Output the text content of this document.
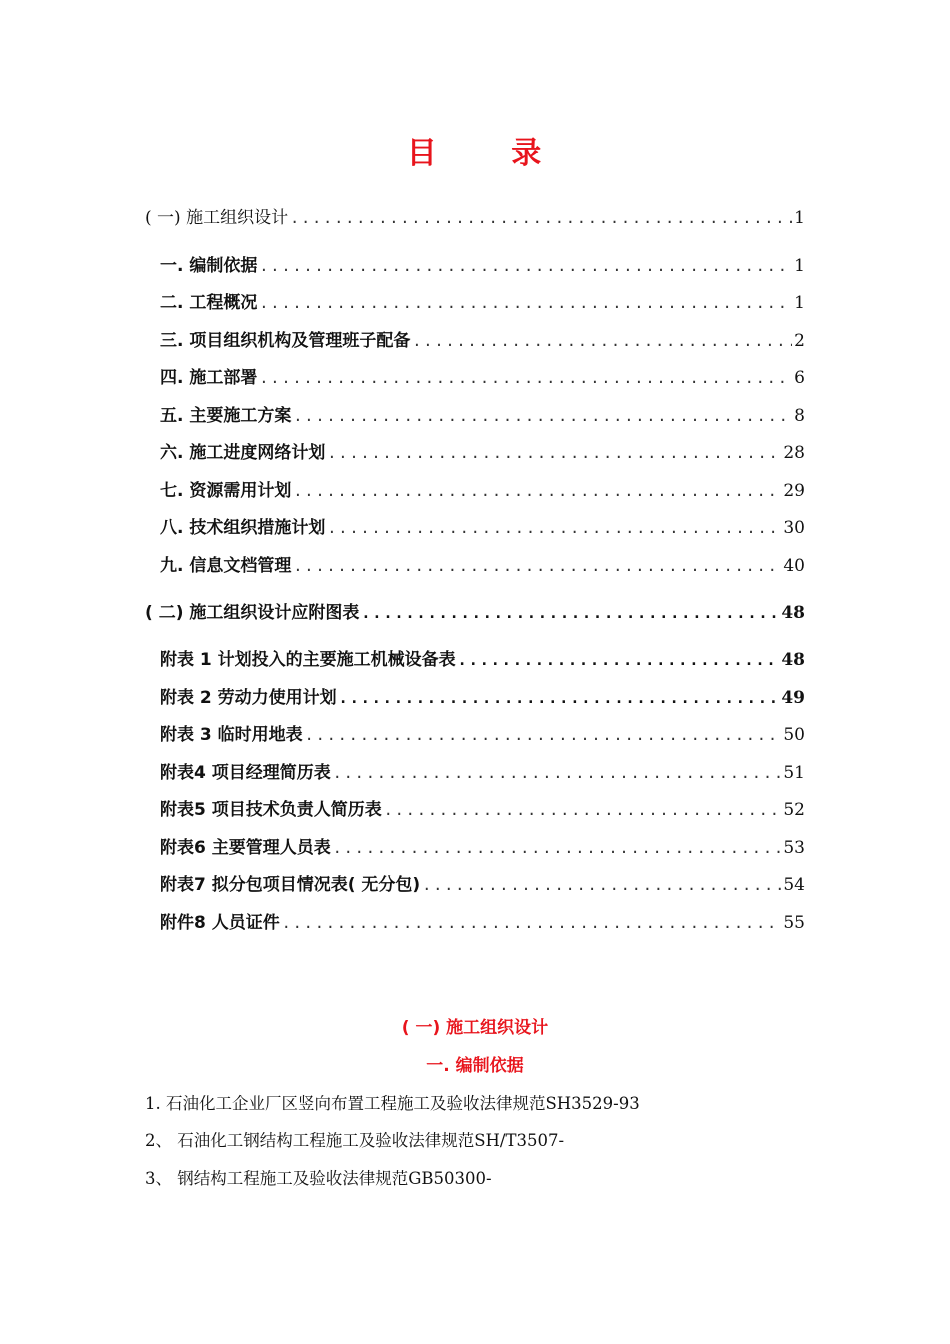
目 录
( 一) 施工组织设计 .....	1
一. 编制依据 .....	1
二. 工程概况 .....	1
三. 项目组织机构及管理班子配备 .....	2
四. 施工部署 .....	6
五. 主要施工方案 .....	8
六. 施工进度网络计划 .....	28
七. 资源需用计划 .....	29
八. 技术组织措施计划 .....	30
九. 信息文档管理 .....	40
( 二) 施工组织设计应附图表 .....	48
附表 1 计划投入的主要施工机械设备表 .....	48
附表 2 劳动力使用计划 .....	49
附表 3 临时用地表 .....	50
附表4 项目经理简历表 .....	51
附表5 项目技术负责人简历表 .....	52
附表6 主要管理人员表 .....	53
附表7 拟分包项目情况表( 无分包) .....	54
附件8 人员证件 .....	55
( 一) 施工组织设计
一. 编制依据
1. 石油化工企业厂区竖向布置工程施工及验收法律规范SH3529-93
2、 石油化工钢结构工程施工及验收法律规范SH/T3507-
3、 钢结构工程施工及验收法律规范GB50300-
